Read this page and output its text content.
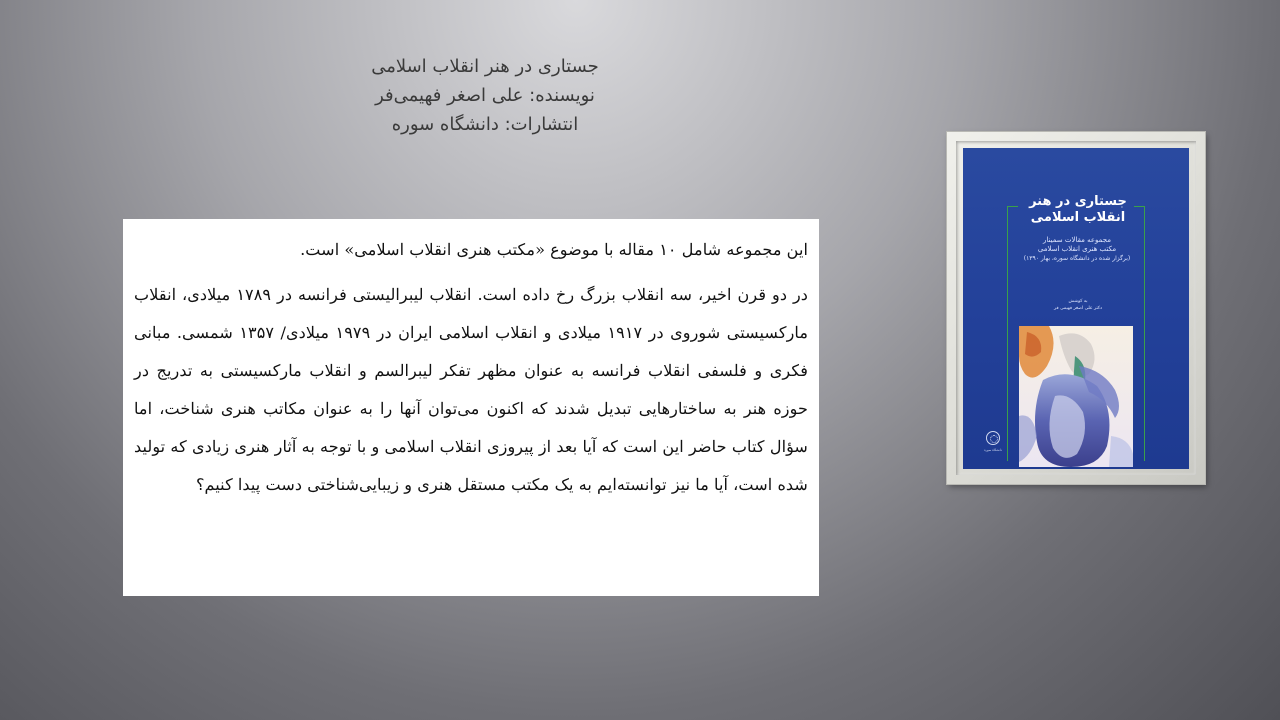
جستاری در هنر انقلاب اسلامی
نویسنده: علی اصغر فهیمی‌فر
انتشارات: دانشگاه سوره

این مجموعه شامل ۱۰ مقاله با موضوع «مکتب هنری انقلاب اسلامی» است.

در دو قرن اخیر، سه انقلاب بزرگ رخ داده است. انقلاب لیبرالیستی فرانسه در ۱۷۸۹ میلادی، انقلاب مارکسیستی شوروی در ۱۹۱۷ میلادی و انقلاب اسلامی ایران در ۱۹۷۹ میلادی/ ۱۳۵۷ شمسی. مبانی فکری و فلسفی انقلاب فرانسه به عنوان مظهر تفکر لیبرالسم و انقلاب مارکسیستی به تدریج در حوزه هنر به ساختارهایی تبدیل شدند که اکنون می‌توان آنها را به عنوان مکاتب هنری شناخت، اما سؤال کتاب حاضر این است که آیا بعد از پیروزی انقلاب اسلامی و با توجه به آثار هنری زیادی که تولید شده است، آیا ما نیز توانسته‌ایم به یک مکتب مستقل هنری و زیبایی‌شناختی دست پیدا کنیم؟

جستاری در هنر
انقلاب اسلامی
مجموعه مقالات سمینار
مکتب هنری انقلاب اسلامی
(برگزار شده در دانشگاه سوره، بهار ۱۳۹۰)
به کوشش
دکتر علی اصغر فهیمی فر
دانشگاه سوره
